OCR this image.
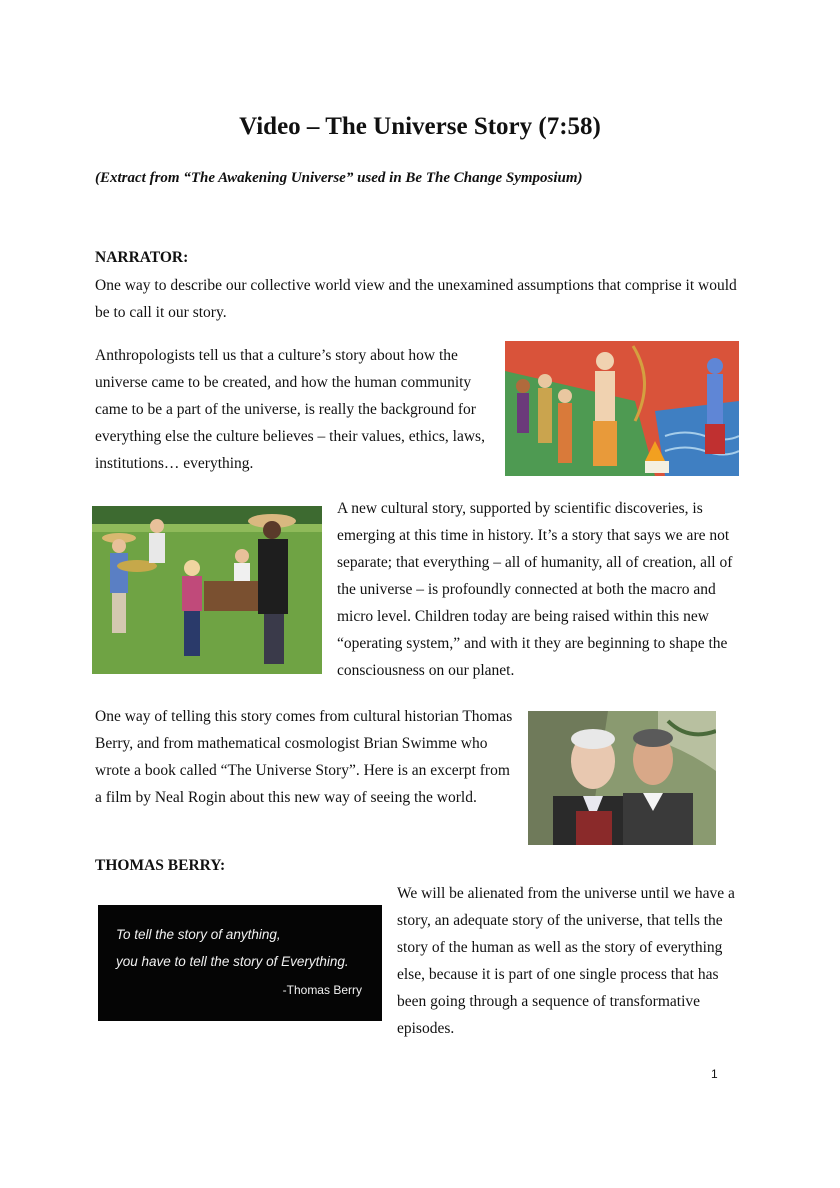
Video – The Universe Story (7:58)

(Extract from “The Awakening Universe” used in Be The Change Symposium)

NARRATOR:

One way to describe our collective world view and the unexamined assumptions that comprise it would be to call it our story.

Anthropologists tell us that a culture’s story about how the universe came to be created, and how the human community came to be a part of the universe, is really the background for everything else the culture believes – their values, ethics, laws, institutions… everything.

A new cultural story, supported by scientific discoveries, is emerging at this time in history. It’s a story that says we are not separate; that everything – all of humanity, all of creation, all of the universe – is profoundly connected at both the macro and micro level. Children today are being raised within this new “operating system,” and with it they are beginning to shape the consciousness on our planet.

One way of telling this story comes from cultural historian Thomas Berry, and from mathematical cosmologist Brian Swimme who wrote a book called “The Universe Story”. Here is an excerpt from a film by Neal Rogin about this new way of seeing the world.

THOMAS BERRY:

To tell the story of anything,

you have to tell the story of Everything.

-Thomas Berry

We will be alienated from the universe until we have a story, an adequate story of the universe, that tells the story of the human as well as the story of everything else, because it is part of one single process that has been going through a sequence of transformative episodes.

1
